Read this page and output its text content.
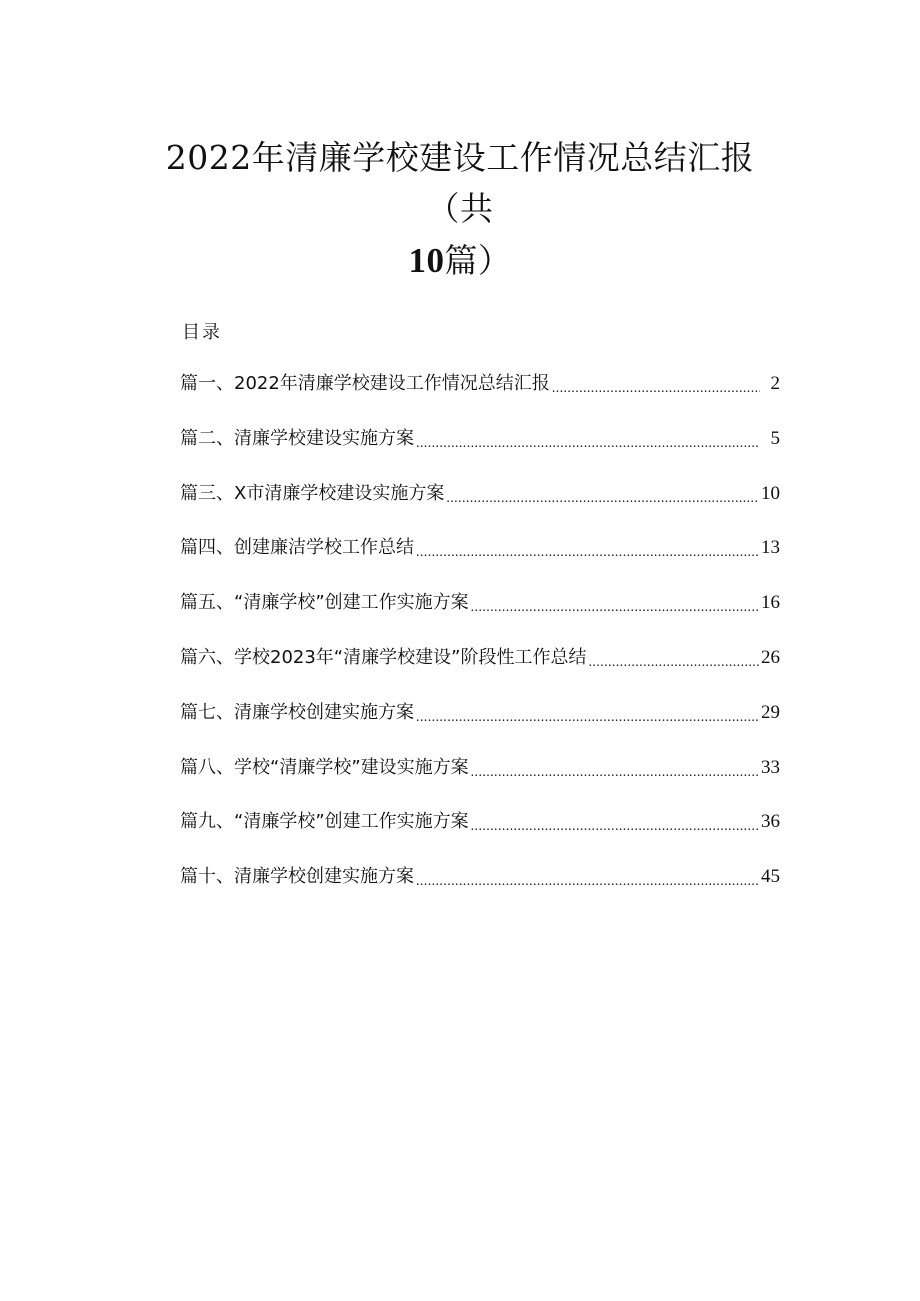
2022年清廉学校建设工作情况总结汇报
（共
10篇）
目录
篇一、2022年清廉学校建设工作情况总结汇报 .....	2
篇二、清廉学校建设实施方案 .....	5
篇三、X市清廉学校建设实施方案 .....	10
篇四、创建廉洁学校工作总结 .....	13
篇五、“清廉学校”创建工作实施方案 .....	16
篇六、学校2023年“清廉学校建设”阶段性工作总结 .....	26
篇七、清廉学校创建实施方案 .....	29
篇八、学校“清廉学校”建设实施方案 .....	33
篇九、“清廉学校”创建工作实施方案 .....	36
篇十、清廉学校创建实施方案 .....	45
